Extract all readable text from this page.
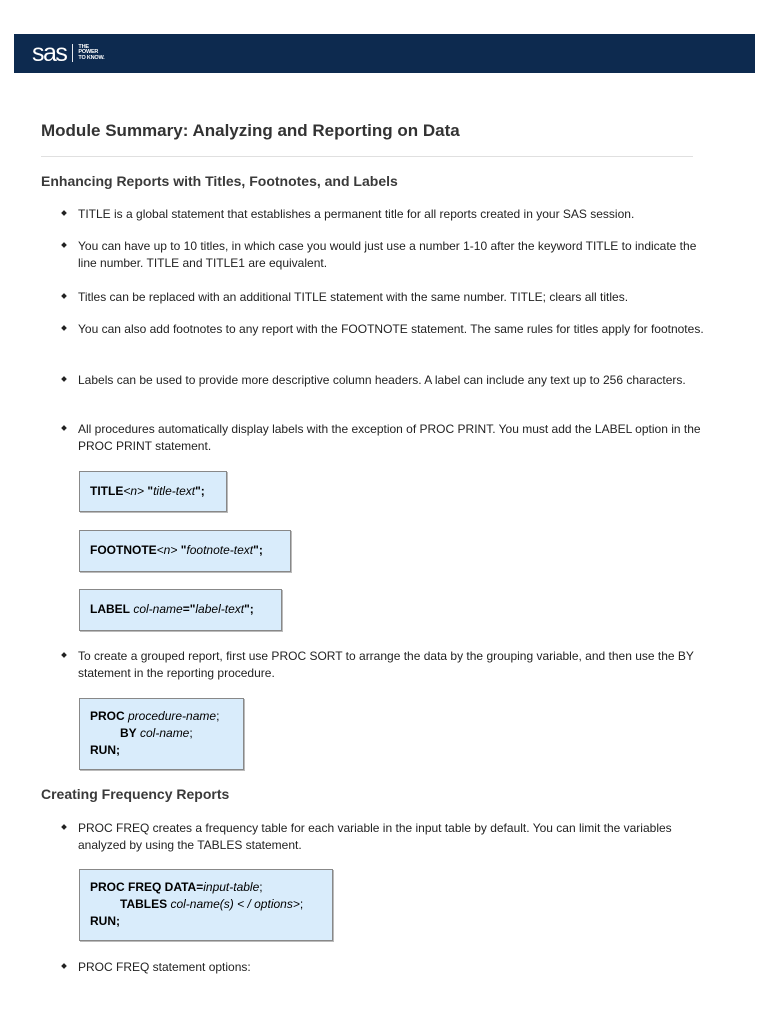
sas THE
POWER
TO KNOW.
Module Summary: Analyzing and Reporting on Data
Enhancing Reports with Titles, Footnotes, and Labels
TITLE is a global statement that establishes a permanent title for all reports created in your SAS session.
You can have up to 10 titles, in which case you would just use a number 1-10 after the keyword TITLE to indicate the line number. TITLE and TITLE1 are equivalent.
Titles can be replaced with an additional TITLE statement with the same number. TITLE; clears all titles.
You can also add footnotes to any report with the FOOTNOTE statement. The same rules for titles apply for footnotes.
Labels can be used to provide more descriptive column headers. A label can include any text up to 256 characters.
All procedures automatically display labels with the exception of PROC PRINT. You must add the LABEL option in the PROC PRINT statement.
TITLE<n> "title-text";
FOOTNOTE<n> "footnote-text";
LABEL col-name="label-text";
To create a grouped report, first use PROC SORT to arrange the data by the grouping variable, and then use the BY statement in the reporting procedure.
PROC procedure-name;
BY col-name;
RUN;
Creating Frequency Reports
PROC FREQ creates a frequency table for each variable in the input table by default. You can limit the variables analyzed by using the TABLES statement.
PROC FREQ DATA=input-table;
TABLES col-name(s) < / options>;
RUN;
PROC FREQ statement options:
